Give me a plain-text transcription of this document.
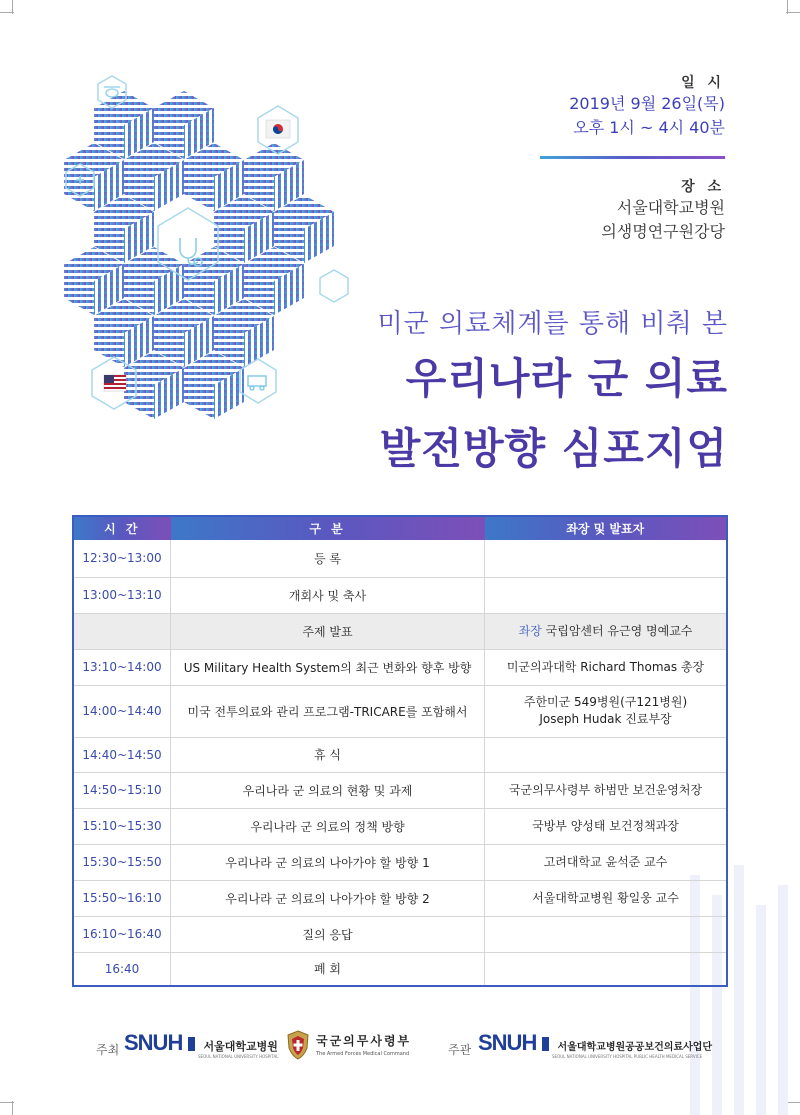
일 시
2019년 9월 26일(목)
오후 1시 ~ 4시 40분
장 소
서울대학교병원
의생명연구원강당
미군 의료체계를 통해 비춰 본
우리나라 군 의료
발전방향 심포지엄
시 간	구 분	좌장 및 발표자
12:30~13:00	등 록	
13:00~13:10	개회사 및 축사	
	주제 발표	좌장 국립암센터 유근영 명예교수
13:10~14:00	US Military Health System의 최근 변화와 향후 방향	미군의과대학 Richard Thomas 총장
14:00~14:40	미국 전투의료와 관리 프로그램-TRICARE를 포함해서	주한미군 549병원(구121병원)
Joseph Hudak 진료부장

14:40~14:50	휴 식	
14:50~15:10	우리나라 군 의료의 현황 및 과제	국군의무사령부 하범만 보건운영처장
15:10~15:30	우리나라 군 의료의 정책 방향	국방부 양성태 보건정책과장
15:30~15:50	우리나라 군 의료의 나아가야 할 방향 1	고려대학교 윤석준 교수
15:50~16:10	우리나라 군 의료의 나아가야 할 방향 2	서울대학교병원 황일웅 교수
16:10~16:40	질의 응답	
16:40	폐 회	
주최 SNUH 서울대학교병원
SEOUL NATIONAL UNIVERSITY HOSPITAL
국군의무사령부
The Armed Forces Medical Command	주관 SNUH 서울대학교병원공공보건의료사업단
SEOUL NATIONAL UNIVERSITY HOSPITAL PUBLIC HEALTH MEDICAL SERVICE
